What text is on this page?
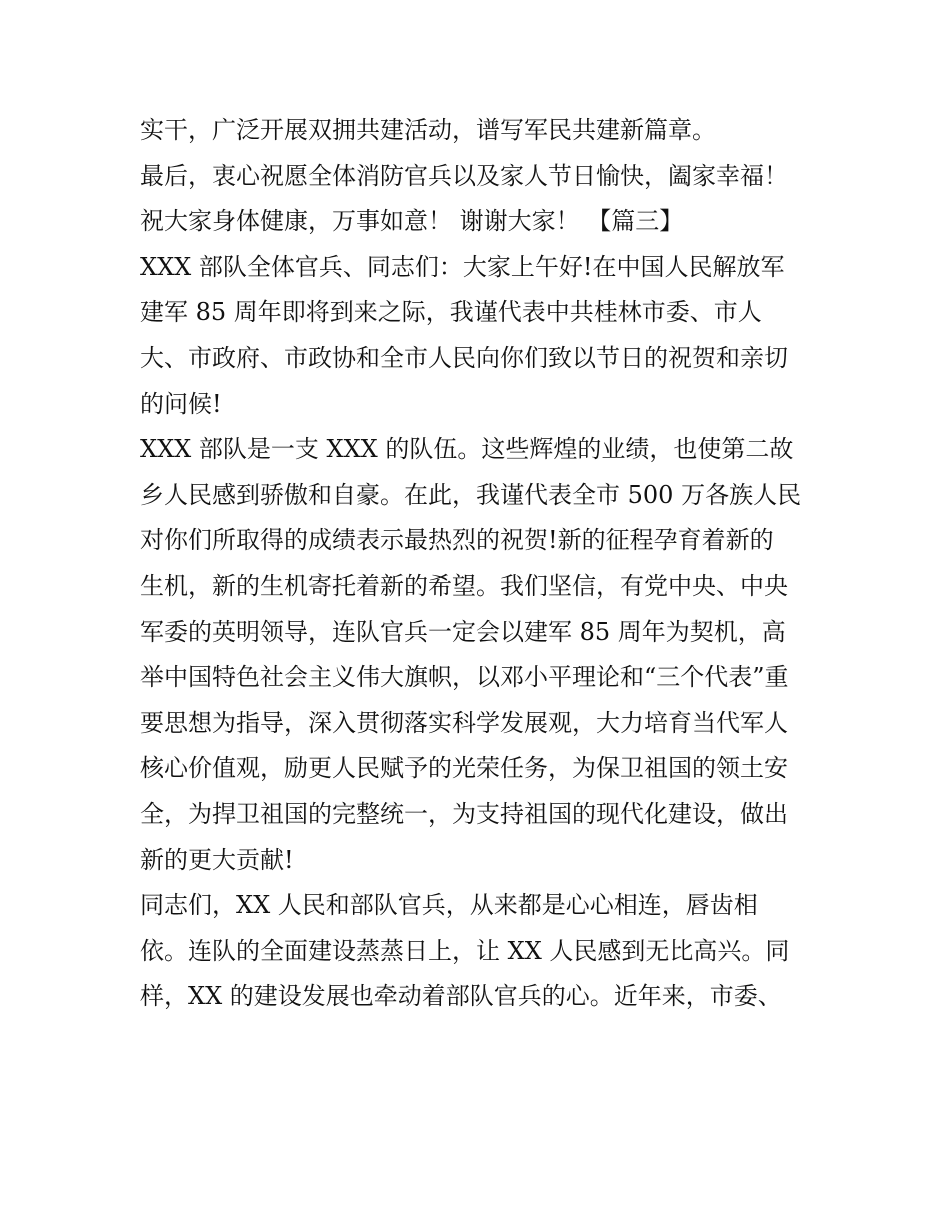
实干，广泛开展双拥共建活动，谱写军民共建新篇章。
最后，衷心祝愿全体消防官兵以及家人节日愉快，阖家幸福！
祝大家身体健康，万事如意！ 谢谢大家！ 【篇三】
XXX 部队全体官兵、同志们：大家上午好!在中国人民解放军
建军 85 周年即将到来之际，我谨代表中共桂林市委、市人
大、市政府、市政协和全市人民向你们致以节日的祝贺和亲切
的问候!
XXX 部队是一支 XXX 的队伍。这些辉煌的业绩，也使第二故
乡人民感到骄傲和自豪。在此，我谨代表全市 500 万各族人民
对你们所取得的成绩表示最热烈的祝贺!新的征程孕育着新的
生机，新的生机寄托着新的希望。我们坚信，有党中央、中央
军委的英明领导，连队官兵一定会以建军 85 周年为契机，高
举中国特色社会主义伟大旗帜，以邓小平理论和“三个代表”重
要思想为指导，深入贯彻落实科学发展观，大力培育当代军人
核心价值观，励更人民赋予的光荣任务，为保卫祖国的领土安
全，为捍卫祖国的完整统一，为支持祖国的现代化建设，做出
新的更大贡献!
同志们，XX 人民和部队官兵，从来都是心心相连，唇齿相
依。连队的全面建设蒸蒸日上，让 XX 人民感到无比高兴。同
样，XX 的建设发展也牵动着部队官兵的心。近年来，市委、
